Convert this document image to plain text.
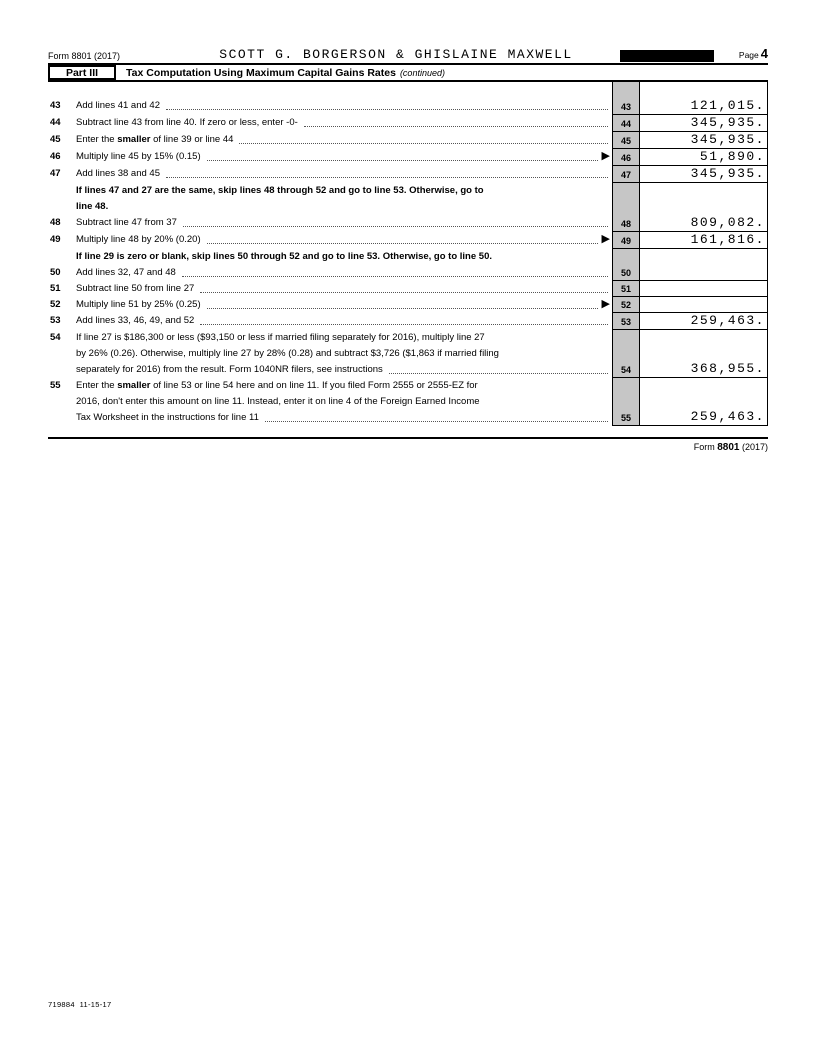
Form 8801 (2017)	SCOTT G. BORGERSON & GHISLAINE MAXWELL	Page 4
Part III	Tax Computation Using Maximum Capital Gains Rates (continued)
43 Add lines 41 and 42	43	121,015.
44 Subtract line 43 from line 40. If zero or less, enter -0-	44	345,935.
45 Enter the smaller of line 39 or line 44	45	345,935.
46 Multiply line 45 by 15% (0.15)	▶	46	51,890.
47 Add lines 38 and 45	47	345,935.
If lines 47 and 27 are the same, skip lines 48 through 52 and go to line 53. Otherwise, go to
line 48.
48 Subtract line 47 from 37	48	809,082.
49 Multiply line 48 by 20% (0.20)	▶	49	161,816.
If line 29 is zero or blank, skip lines 50 through 52 and go to line 53. Otherwise, go to line 50.
50 Add lines 32, 47 and 48	50
51 Subtract line 50 from line 27	51
52 Multiply line 51 by 25% (0.25)	▶	52
53 Add lines 33, 46, 49, and 52	53	259,463.
54 If line 27 is $186,300 or less ($93,150 or less if married filing separately for 2016), multiply line 27
by 26% (0.26). Otherwise, multiply line 27 by 28% (0.28) and subtract $3,726 ($1,863 if married filing
separately for 2016) from the result. Form 1040NR filers, see instructions	54	368,955.
55 Enter the smaller of line 53 or line 54 here and on line 11. If you filed Form 2555 or 2555-EZ for
2016, don't enter this amount on line 11. Instead, enter it on line 4 of the Foreign Earned Income
Tax Worksheet in the instructions for line 11	55	259,463.
Form 8801 (2017)
719884  11-15-17
